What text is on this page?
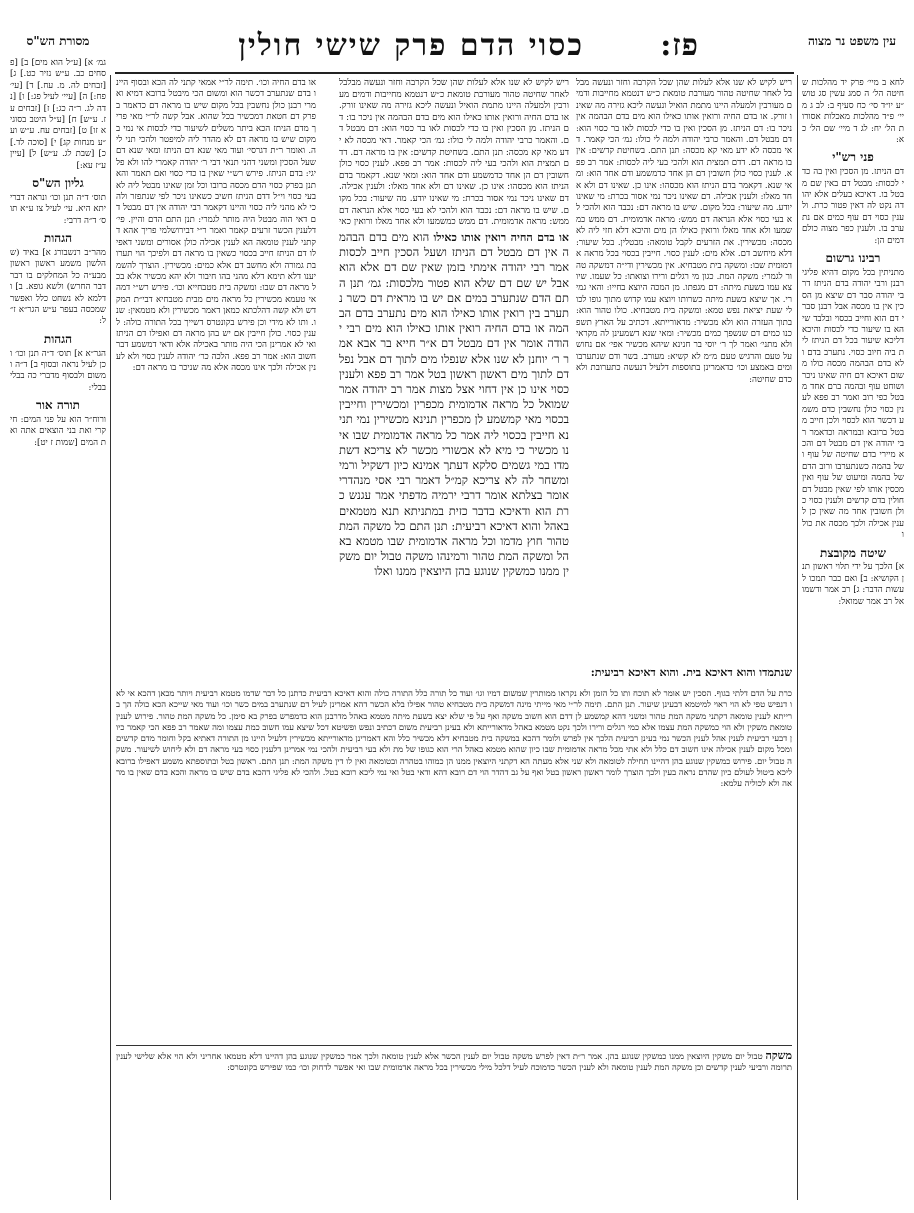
פז:
כסוי הדם פרק שישי חולין	עין משפט נר מצוה
מסורת הש"ס

לחא ב מיי׳ פרק יד מהלכות שחיטה הל׳ ה סמג עשין סג טוש״ע יו״ד סי׳ כח סעיף ב: לב ג מיי׳ פ״ד מהלכות מאכלות אסורות הל׳ יח: לג ד מיי׳ שם הל׳ כא:

פני רש"י

דם הניתז. מן הסכין ואין בה כדי לכסות: מבטל דם באין שם מבטל בו. דאיכא בעלים אלא יהודה נקט לה דאין פטור כרת. ולענין כסוי דם עוף כמים אם נתערב בו. ולענין כפר מצוה כולם דמים הן:

רבינו גרשום

מתניתין בכל מקום דהיא פליגי רבנן ורבי יהודה בדם הניתז דרבי יהודה סבר דם שיצא מן הסכין אין בו מכסה אבל רבנן סברי דם הוא וחייב בכסוי ובלבד שיהא בו שיעור כדי לכסות והיכא דליכא שיעור בכל דם הניתז לית ביה חיוב כסוי. נתערב בדם ולא בדם הבהמה מכסה כולו משום דאיכא דם חיה שאינו ניכר ושוחט עוף ובהמה ברם אחד מבטל כפי רוב ואמר רב פפא לענין כסוי כולן נחשבין כדם משמע דכשר הוא לכסוי ולכן חייב מבטל ברובא ובמראה וכדאמר רבי יהודה אין דם מבטל דם והכא מיירי בדם שחיטה של עוף ושל בהמה כשנתערבו ורוב הדם של בהמה ומיעוט של עוף ואין מכסין אותו לפי שאין מבטל דם חולין בדם קדשים ולענין כסוי כולן חשובין אחד מה שאין כן לענין אכילה ולכך מכסה את כולו

שיטה מקובצת

א] הלכך על ידי תלוי ראשון תנן הקושיא: ב] ואם כבר תמכו לעשות הדבר: ג] רב אמר ודשמואל רב אמר שמואל:

גמ׳ א] [ע״ל הוא מים] ב] [פסחים כב. ע״ש נזיר כט.] ג] [זבחים לה. מ. עח.] ד] [עי׳ פח:] ה] [עיי׳ לעיל פג:] ו] [נדה לג. ר״ה כג:] ז] [זבחים עז. ע״ש] ח] [ע״ל היטב בסוגיא זו] ט] [זבחים עח. ע״ש וע״ע מנחות קג] י] [סוכה לד.] כ] [שבת לג. ע״ש] ל] [עיין ע״ז עא:]

גליון הש"ס

תוס׳ ד״ה תנן וכו׳ ונראה דברייתא היא. עי׳ לעיל צז ע״א תוס׳ ד״ה דרבי:

הגהות

מהר״ב רנשבורג א] באיד (שהלשון משמע ראשון ראשון מבע״ה כל המחלקים בו דבר דבר החרש) ולשא גופא. ב] ודלמא לא נשחט כלל ואפשר שמכסה בעפר ע״ש הגר״א ז״ל:

הגהות

הגר״א א] תוס׳ ד״ה תנן וכו׳ וכן לעיל נראה ובסוף ב] ד״ה ומשום ולבסוף מדברי כה בבלי בבלי:

תורה אור

ורוח״ר הוא על פני המים: חי קרי ואת בני הוצאים אתה ואת המים [שמות ז יט]:

ריש לקיש לא שנו אלא לעלות שהן שכל הקרבה וחזר ונעשה מבלבל לאחר שחיטה טהור מעורבת טומאת כ״ש דנטמא מחייבות ודמים מעורבין ולמעלה היינו מתמת הואיל ונעשה ליכא גזירה מה שאינו זורק. או בדם החיה ורואין אותו כאילו הוא מים בדם הבהמה אין ניכר בו: דם הניתז. מן הסכין ואין בו כדי לכסות לאו בר כסוי הוא: דם מבטל דם. והאמר כרבי יהודה ולמה לי כולו: גמ׳ הכי קאמר. דאי מכסה לא ידע מאי קא מכסה: תנן התם. בשחיטת קדשים: אין בו מראה דם. דדם תמצית הוא ולהכי בעי ליה לכסות: אמר רב פפא. לענין כסוי כולן חשובין דם הן אחד כדמשמע ודם אחד הוא: ומאי שנא. דקאמר בדם הניתז הוא מכסהו: אינו כן. שאינו דם ולא אחד מאלו: ולענין אכילה. דם שאינו ניכר נמי אסור בכרת: מי שאינו יודע. מה שיעור: בכל מקום. שיש בו מראה דם: נכבד הוא ולהכי לא בעי כסוי אלא הנראה דם ממש: מראה אדמומית. דם ממש כמשמעו ולא אחד מאלו ורואין כאילו הן מים והיכא דלא חזי ליה לא מכסה: מכשירין. את הזרעים לקבל טומאה: מבטלין. בכל שיעור: דלא מיחשב דם. אלא מים: לענין כסוי. חייבין בכסוי בכל מראה אדמומית שבו: ומשקה בית מטבחיא. אין מכשירין ודי״ה דמשקה טהור לגמרי: משקה המת. כגון מי רגלים ורירו וצואתו: כל שעמו. שיוצא עמו בשעת מיתה: דם מגפתו. מן המכה היוצא בחייו: והאי גמירי. אך שיצא בשעת מיתה כשרותו ויוצא עמו קדוש מתוך גופו לכולי שעת יציאת נפש טמא: ומשקה בית מטבחיא. כולו טהור הוא: בתוך העזרה הוא ולא מכשיר: מדאורייתא. דכתיב על הארץ תשפכנו כמים דם שנשפך כמים מכשיר: ומאי שנא דשמעינן לה מקראי ולא מתני׳ ואמר לך ר׳ יוסי בר חנינא שיהא מכשיר אפי׳ אם נחוש על טעם והרגיש טעם מ״מ לא קשיא: מעורב. בשר ודם שנתערבו ומים באמצע וכו׳ כדאמרינן בתוספות דלעיל דנעשה כתערובת ולא כדם שחיטה:

או בדם החיה רואין אותו כאילו הוא מים בדם הבהמה אין דם מבטל דם הניתז ושעל הסכין חייב לכסות אמר רבי יהודה אימתי בזמן שאין שם דם אלא הוא אבל יש שם דם שלא הוא פטור מלכסות: גמ׳ תנן התם הדם שנתערב במים אם יש בו מראית דם כשר נתערב בין רואין אותו כאילו הוא מים נתערב בדם הבהמה או בדם החיה רואין אותו כאילו הוא מים רבי יהודה אומר אין דם מבטל דם א״ר חייא בר אבא אמר ר׳ יוחנן לא שנו אלא שנפלו מים לתוך דם אבל נפל דם לתוך מים ראשון ראשון בטל אמר רב פפא ולענין כסוי אינו כן אין דחוי אצל מצות אמר רב יהודה אמר שמואל כל מראה אדמומית מכפרין ומכשירין וחייבין בכסוי מאי קמשמע לן מכפרין תנינא מכשירין נמי תנינא חייבין בכסוי ליה אמר כל מראה אדמומית שבו אינו מכשיר כי מיא לא אכשורי מכשר לא צריכא דשתמדו במי גשמים סלקא דעתך אמינא כיון דשקיל ורמי ומשחר לה לא צריכא קמ״ל דאמר רבי אסי מנהדרי אומר בצלתא אומר דרבי ירמיה מדפתי אמר עגנש כרת הוא ודאיכא בדבר כזית במתניתא תנא מטמאים באהל והוא דאיכא רביעית: תנן התם כל משקה המת טהור חוץ מדמו וכל מראה אדמומית שבו מטמא באהל ומשקה המת טהור ורמינהו משקה טבול יום משקין ממנו כמשקין שנוגע בהן היוצאין ממנו ואלו

ריש לקיש לא שנו אלא לעלות שהן שכל הקרבה וחזר ונעשה מבלבל לאחר שחיטה טהור מעורבת טומאת כ״ש דנטמא מחייבות ודמים מעורבין ולמעלה היינו מתמת הואיל ונעשה ליכא גזירה מה שאינו זורק. או בדם החיה ורואין אותו כאילו הוא מים בדם הבהמה אין ניכר בו: דם הניתז. מן הסכין ואין בו כדי לכסות לאו בר כסוי הוא: דם מבטל דם. והאמר כרבי יהודה ולמה לי כולו: גמ׳ הכי קאמר. דאי מכסה לא ידע מאי קא מכסה: תנן התם. בשחיטת קדשים: אין בו מראה דם. דדם תמצית הוא ולהכי בעי ליה לכסות: אמר רב פפא. לענין כסוי כולן חשובין דם הן אחד כדמשמע ודם אחד הוא: ומאי שנא. דקאמר בדם הניתז הוא מכסהו: אינו כן. שאינו דם ולא אחד מאלו: ולענין אכילה. דם שאינו ניכר נמי אסור בכרת: מי שאינו יודע. מה שיעור: בכל מקום. שיש בו מראה דם: נכבד הוא ולהכי לא בעי כסוי אלא הנראה דם ממש: מראה אדמומית. דם ממש כמשמעו ולא אחד מאלו ורואין כאי

או בדם החיה וכו׳. תימה לר״י אמאי קתני לה הכא ובסוף היינו בדם שנתערב דכשר הוא ומשום הכי מיבטל ברובא דמיא ואמרי רבנן כולן נחשבין בכל מקום שיש בו מראה דם כדאמר בפרק דם חטאת דמכשיר בכל שהוא. אבל קשה לר״י מאי פריך מדם הניתז הכא ביתר משלים לשיעור כדי לכסות אי נמי במקום שיש בו מראה דם לא מהדר ליה למיפטר ולהכי תני ליה. ואומר ר״ת דגרסי׳ ועוד מאי שנא דם הניתז ומאי שנא דם שעל הסכין ומשני דהני תנאי דבי ר׳ יהודה קאמרי להו ולא פליגי: בדם הניתז. פירש רש״י שאין בו כדי כסוי ואם תאמר והא תנן בפרק כסוי הדם מכסה ברובו וכל זמן שאינו מבטל ליה לא בעי כסוי וי״ל דדם הניתז חשיב כשאינו ניכר לפי שנתפזר ולהכי לא מהני ליה כסוי והיינו דקאמר רבי יהודה אין דם מבטל דם דאי הוה מבטל היה מותר לגמרי: תנן התם הדם והיין. פי׳ דלענין הכשר זרעים קאמר ואמר ר״י דבירושלמי פריך אהא דקתני לענין טומאה הא לענין אכילה כולן אסורים ומשני דאפילו דם הניתז חייב בכסוי כשאין בו מראה דם ולפיכך הוי תערובת גמורה ולא מחשב דם אלא כמים: מכשירין. הוצרך להשמיענו דלא תימא דלא מהני בהו חיבור ולא יהא מכשיר אלא בכל מראה דם שבו: ומשקה בית מטבחייא וכו׳. פירש רש״י דמהאי טעמא מכשירין כל מראה מים מבית מטבחיא דבי״ת המקדש ולא קשה דהלכתא כמאן דאמר מכשירין ולא מטמאין: שנו. ותו לא מידי וכן פירש בקונטרס דשייך בכל התורה כולה: לענין כסוי. כולן חייבין אם יש בהן מראה דם ואפילו דם הניתז ואי לא אמרינן הכי היה מותר באכילה אלא ודאי דמשמע דבר חשוב הוא: אמר רב פפא. הלכה כר׳ יהודה לענין כסוי ולא לענין אכילה ולכך אינו מכסה אלא מה שניכר בו מראה דם:

שנתמדו והוא דאיכא בית. והוא דאיכא רביעית:

כרת על הדם דלתי בגוף. הסכין יש אומר לא תוכח ותו כל הזמן ולא נקראו ממותרין שמשום דמיו וגו׳ ועוד כל תורה כלל התורה כולה והוא דאיכא רביעית כדתנן כל דבר שדמו מטמא רביעית ויותר מכאן דהכא אי לאו דנפיש טפי לא הוי ראוי למיטמא דבעינן שיעור. תנן התם. תימה לר״י מאי מייתי מינה דמשקה בית מטבחיא טהור אפילו בלא הכשר דהא אמרינן לעיל דם שנתערב במים כשר וכו׳ ועוד מאי שייכא הכא כולה הך ברייתא לענין טומאה דקתני משקה המת טהור ומשני דהא קמשמע לן דדם הוא חשוב משקה ואף על פי שלא יצא בשעת מיתה מטמא באהל מדרבנן הוא כדמפרש בפרק בא סימן. כל משקה המת טהור. פירוש לענין טומאת משקין ולא הוי כמשקה המת עצמו אלא כמי רגלים ורירו ולכך נקט מטמא באהל מדאורייתא ולא בעינן רביעית משום דכתיב ונפש ופשיטא דכל שיצא עמו חשוב כמת עצמו ומה שאמר רב פפא הכי קאמר כיון דבעי רביעית לענין אהל לענין הכשר נמי בעינן רביעית הלכך אין לפרש ולומר דהכא במשקה בית מטבחיא דלא מכשיר כלל והא דאמרינן מדאורייתא מכשירין דלעיל היינו מן התורה דאתיא בקל וחומר מדם קדשים ומכל מקום לענין אכילה אינו חשוב דם כלל ולא אתי מכל מראה אדמומית שבו כיון שהוא מטמא באהל הרי הוא כגופו של מת ולא בעי רביעית ולהכי נמי אמרינן דלענין כסוי בעי מראה דם ולא ליחוש לשיעור. משקה טבול יום. פירוש כמשקין שנוגע בהן דהיינו תחילה לטומאה ולא שני אלא מעתה הא דקתני היוצאין ממנו הן כמוהו בטהרה ובטומאה ואין לו דין משקה המת: תנן התם. ראשון בטל ובתוספתא משמע דאפילו ברובא ליכא ביטול לעולם כיון שהדם נראה בעין ולכך הוצרך לומר ראשון ראשון בטל ואף על גב דהדר הוי דם רובא דהא ודאי בטל ואי נמי ליכא רובא בטל. ולהכי לא פליגי דהכא בדם שיש בו מראה והכא בדם שאין בו מראה ולא לכוליה עלמא:

משקה טבול יום משקין היוצאין ממנו כמשקין שנוגע בהן. אמר ר״ת דאין לפרש משקה טבול יום לענין הכשר אלא לענין טומאה ולכך אמר כמשקין שנוגע בהן דהיינו דלא מטמאו אחריני ולא הוי אלא שלישי לענין תרומה ורביעי לענין קדשים וכן משקה המת לענין טומאה ולא לענין הכשר כדמוכח לעיל דלכל מילי מכשירין בכל מראה אדמומית שבו ואי אפשר לדחוק וכו׳ כמו שפירש בקונטרס:
